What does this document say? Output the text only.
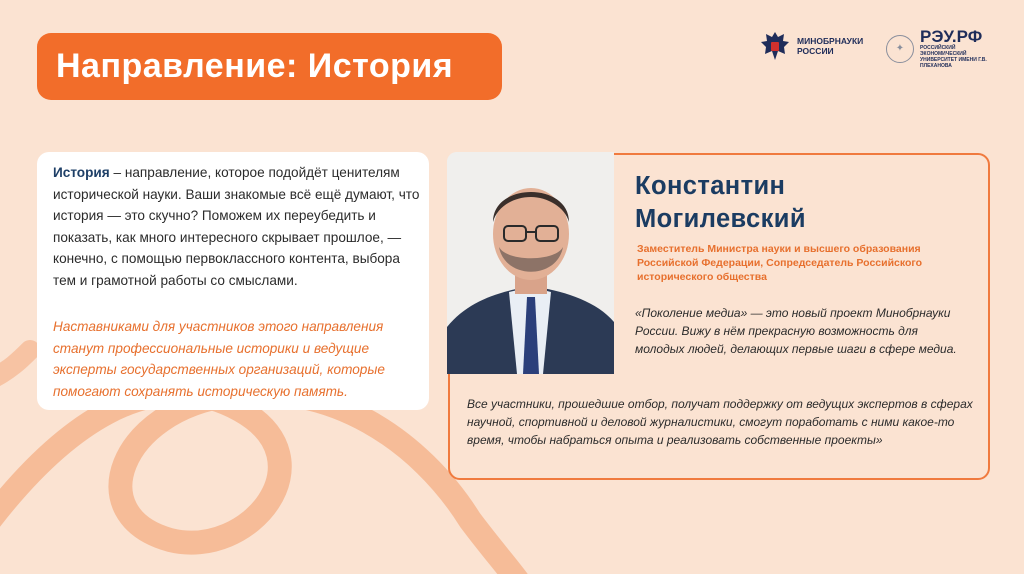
Направление: История
МИНОБРНАУКИ
РОССИИ	✦
РЭУ.РФ
РОССИЙСКИЙ ЭКОНОМИЧЕСКИЙ УНИВЕРСИТЕТ ИМЕНИ Г.В. ПЛЕХАНОВА
История – направление, которое подойдёт ценителям исторической науки. Ваши знакомые всё ещё думают, что история — это скучно? Поможем их переубедить и показать, как много интересного скрывает прошлое, — конечно, с помощью первоклассного контента, выбора тем и грамотной работы со смыслами.
Наставниками для участников этого направления станут профессиональные историки и ведущие эксперты государственных организаций, которые помогают сохранять историческую память.
Константин
Могилевский
Заместитель Министра науки и высшего образования Российской Федерации, Сопредседатель Российского исторического общества
«Поколение медиа» — это новый проект Минобрнауки России. Вижу в нём прекрасную возможность для молодых людей, делающих первые шаги в сфере медиа.
Все участники, прошедшие отбор, получат поддержку от ведущих экспертов в сферах научной, спортивной и деловой журналистики, смогут поработать с ними какое-то время, чтобы набраться опыта и реализовать собственные проекты»
